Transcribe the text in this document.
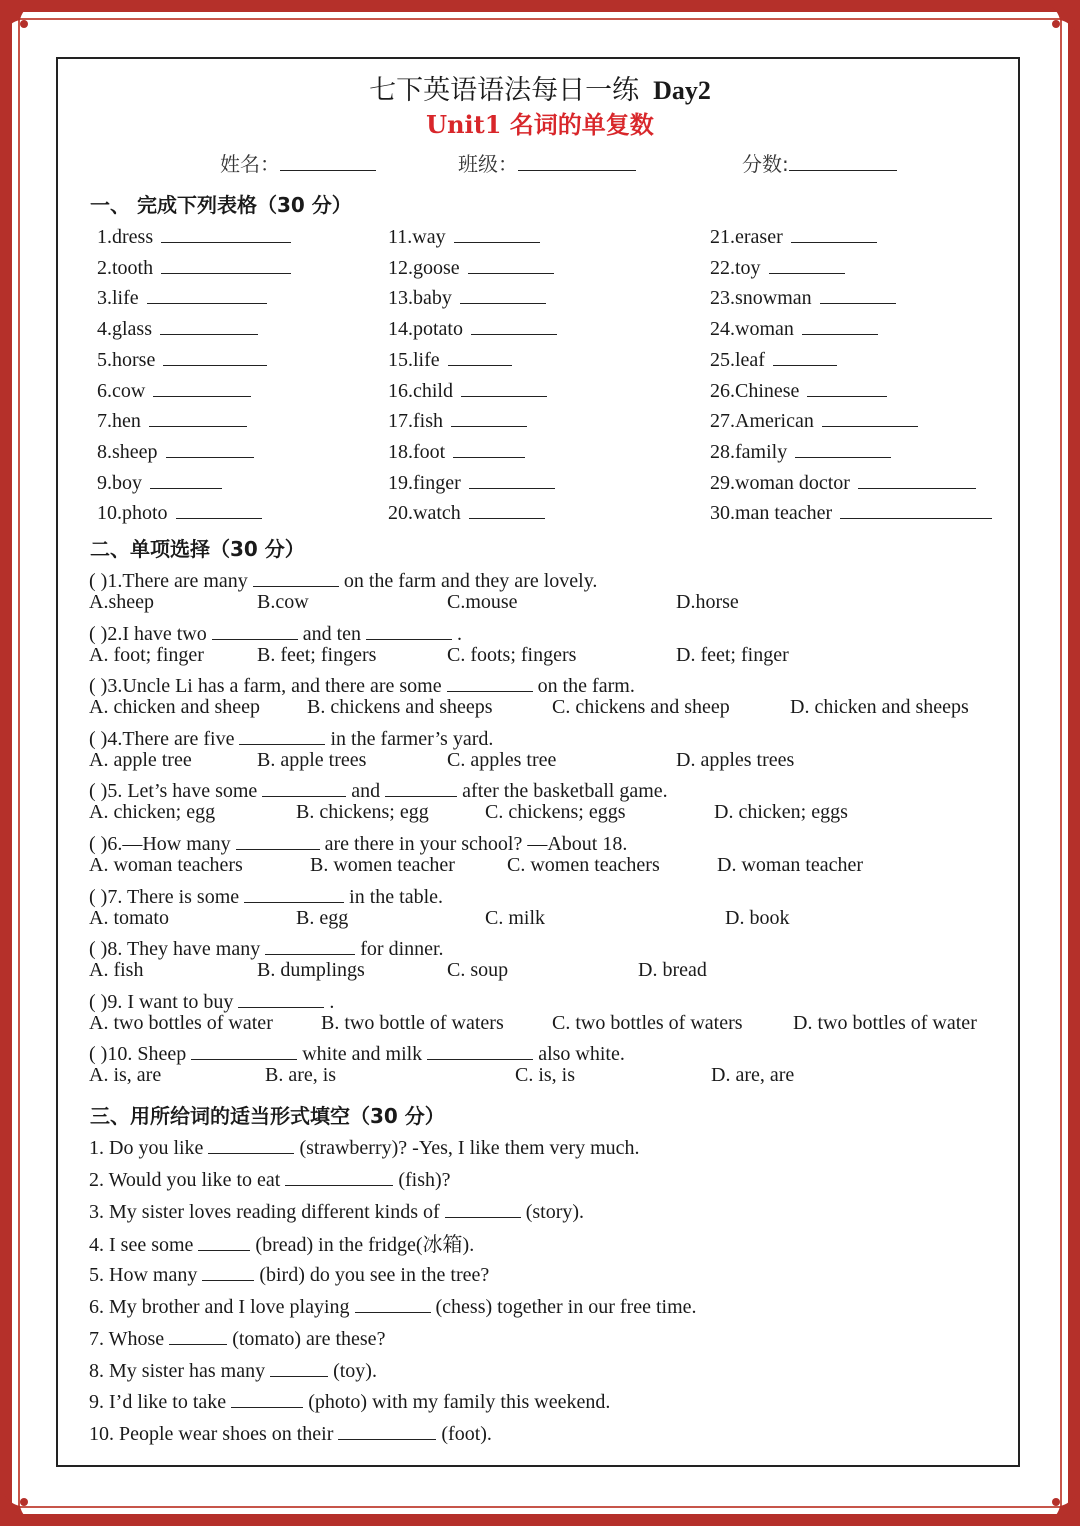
七下英语语法每日一练 Day2
Unit1 名词的单复数
姓名：	班级：	分数:
一、 完成下列表格（30 分）
1.dress
2.tooth
3.life
4.glass
5.horse
6.cow
7.hen
8.sheep
9.boy
10.photo
11.way
12.goose
13.baby
14.potato
15.life
16.child
17.fish
18.foot
19.finger
20.watch
21.eraser
22.toy
23.snowman
24.woman
25.leaf
26.Chinese
27.American
28.family
29.woman doctor
30.man teacher
二、单项选择（30 分）
( )1.There are many	on the farm and they are lovely.
A.sheep	B.cow	C.mouse	D.horse
( )2.I have two	and ten	.
A. foot; finger	B. feet; fingers	C. foots; fingers	D. feet; finger
( )3.Uncle Li has a farm, and there are some	on the farm.
A. chicken and sheep B. chickens and sheeps	C. chickens and sheep	D. chicken and sheeps
( )4.There are five	in the farmer’s yard.
A. apple tree	B. apple trees	C. apples tree	D. apples trees
( )5. Let’s have some	and	after the basketball game.
A. chicken; egg	B. chickens; egg	C. chickens; eggs	D. chicken; eggs
( )6.—How many	are there in your school? —About 18.
A. woman teachers	B. women teacher	C. women teachers	D. woman teacher
( )7. There is some	in the table.
A. tomato	B. egg	C. milk	D. book
( )8. They have many	for dinner.
A. fish	B. dumplings	C. soup	D. bread
( )9. I want to buy	.
A. two bottles of water B. two bottle of waters C. two bottles of waters	D. two bottles of water
( )10. Sheep	white and milk	also white.
A. is, are	B. are, is	C. is, is	D. are, are
三、用所给词的适当形式填空（30 分）
1. Do you like	(strawberry)? -Yes, I like them very much.
2. Would you like to eat	(fish)?
3. My sister loves reading different kinds of	(story).
4. I see some	(bread) in the fridge(冰箱).
5. How many	(bird) do you see in the tree?
6. My brother and I love playing	(chess) together in our free time.
7. Whose	(tomato) are these?
8. My sister has many	(toy).
9. I’d like to take	(photo) with my family this weekend.
10. People wear shoes on their	(foot).
